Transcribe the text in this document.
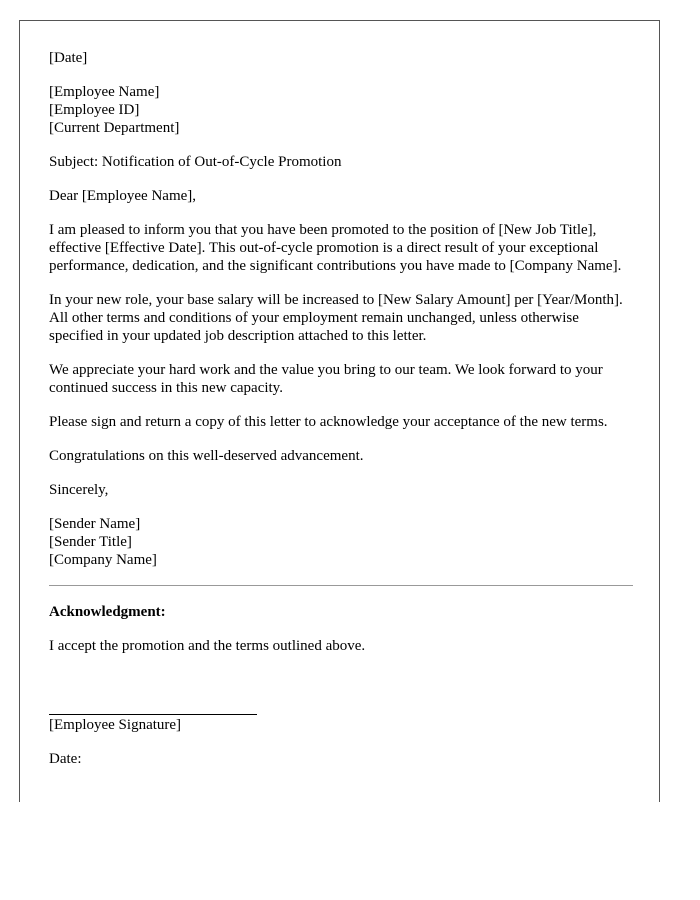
[Date]
[Employee Name]
[Employee ID]
[Current Department]
Subject: Notification of Out-of-Cycle Promotion
Dear [Employee Name],

I am pleased to inform you that you have been promoted to the position of [New Job Title], effective [Effective Date]. This out-of-cycle promotion is a direct result of your exceptional performance, dedication, and the significant contributions you have made to [Company Name].

In your new role, your base salary will be increased to [New Salary Amount] per [Year/Month]. All other terms and conditions of your employment remain unchanged, unless otherwise specified in your updated job description attached to this letter.

We appreciate your hard work and the value you bring to our team. We look forward to your continued success in this new capacity.

Please sign and return a copy of this letter to acknowledge your acceptance of the new terms.

Congratulations on this well-deserved advancement.

Sincerely,
[Sender Name]
[Sender Title]
[Company Name]
Acknowledgment:
I accept the promotion and the terms outlined above.
[Employee Signature]
Date:
